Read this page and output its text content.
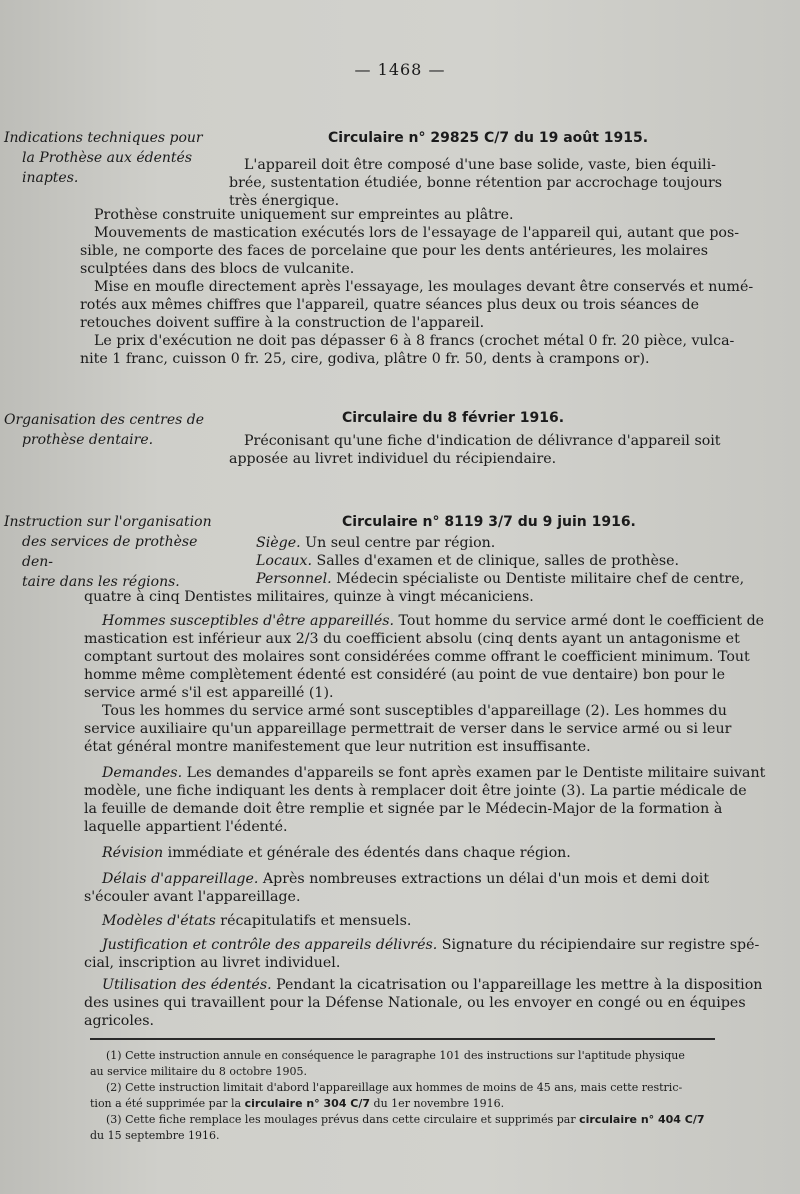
— 1468 —
Indications techniques pour
la Prothèse aux édentés
inaptes.
Circulaire n° 29825 C/7 du 19 août 1915.
L'appareil doit être composé d'une base solide, vaste, bien équili-
brée, sustentation étudiée, bonne rétention par accrochage toujours
très énergique.
Prothèse construite uniquement sur empreintes au plâtre.
Mouvements de mastication exécutés lors de l'essayage de l'appareil qui, autant que pos-
sible, ne comporte des faces de porcelaine que pour les dents antérieures, les molaires
sculptées dans des blocs de vulcanite.
Mise en moufle directement après l'essayage, les moulages devant être conservés et numé-
rotés aux mêmes chiffres que l'appareil, quatre séances plus deux ou trois séances de
retouches doivent suffire à la construction de l'appareil.
Le prix d'exécution ne doit pas dépasser 6 à 8 francs (crochet métal 0 fr. 20 pièce, vulca-
nite 1 franc, cuisson 0 fr. 25, cire, godiva, plâtre 0 fr. 50, dents à crampons or).
Organisation des centres de
prothèse dentaire.
Circulaire du 8 février 1916.
Préconisant qu'une fiche d'indication de délivrance d'appareil soit
apposée au livret individuel du récipiendaire.
Instruction sur l'organisation
des services de prothèse den-
taire dans les régions.
Circulaire n° 8119 3/7 du 9 juin 1916.
Siège. Un seul centre par région.
Locaux. Salles d'examen et de clinique, salles de prothèse.
Personnel. Médecin spécialiste ou Dentiste militaire chef de centre,
quatre à cinq Dentistes militaires, quinze à vingt mécaniciens.
Hommes susceptibles d'être appareillés. Tout homme du service armé dont le coefficient de
mastication est inférieur aux 2/3 du coefficient absolu (cinq dents ayant un antagonisme et
comptant surtout des molaires sont considérées comme offrant le coefficient minimum. Tout
homme même complètement édenté est considéré (au point de vue dentaire) bon pour le
service armé s'il est appareillé (1).
Tous les hommes du service armé sont susceptibles d'appareillage (2). Les hommes du
service auxiliaire qu'un appareillage permettrait de verser dans le service armé ou si leur
état général montre manifestement que leur nutrition est insuffisante.
Demandes. Les demandes d'appareils se font après examen par le Dentiste militaire suivant
modèle, une fiche indiquant les dents à remplacer doit être jointe (3). La partie médicale de
la feuille de demande doit être remplie et signée par le Médecin-Major de la formation à
laquelle appartient l'édenté.
Révision immédiate et générale des édentés dans chaque région.
Délais d'appareillage. Après nombreuses extractions un délai d'un mois et demi doit
s'écouler avant l'appareillage.
Modèles d'états récapitulatifs et mensuels.
Justification et contrôle des appareils délivrés. Signature du récipiendaire sur registre spé-
cial, inscription au livret individuel.
Utilisation des édentés. Pendant la cicatrisation ou l'appareillage les mettre à la disposition
des usines qui travaillent pour la Défense Nationale, ou les envoyer en congé ou en équipes
agricoles.
(1) Cette instruction annule en conséquence le paragraphe 101 des instructions sur l'aptitude physique
au service militaire du 8 octobre 1905.
(2) Cette instruction limitait d'abord l'appareillage aux hommes de moins de 45 ans, mais cette restric-
tion a été supprimée par la circulaire n° 304 C/7 du 1er novembre 1916.
(3) Cette fiche remplace les moulages prévus dans cette circulaire et supprimés par circulaire n° 404 C/7
du 15 septembre 1916.
